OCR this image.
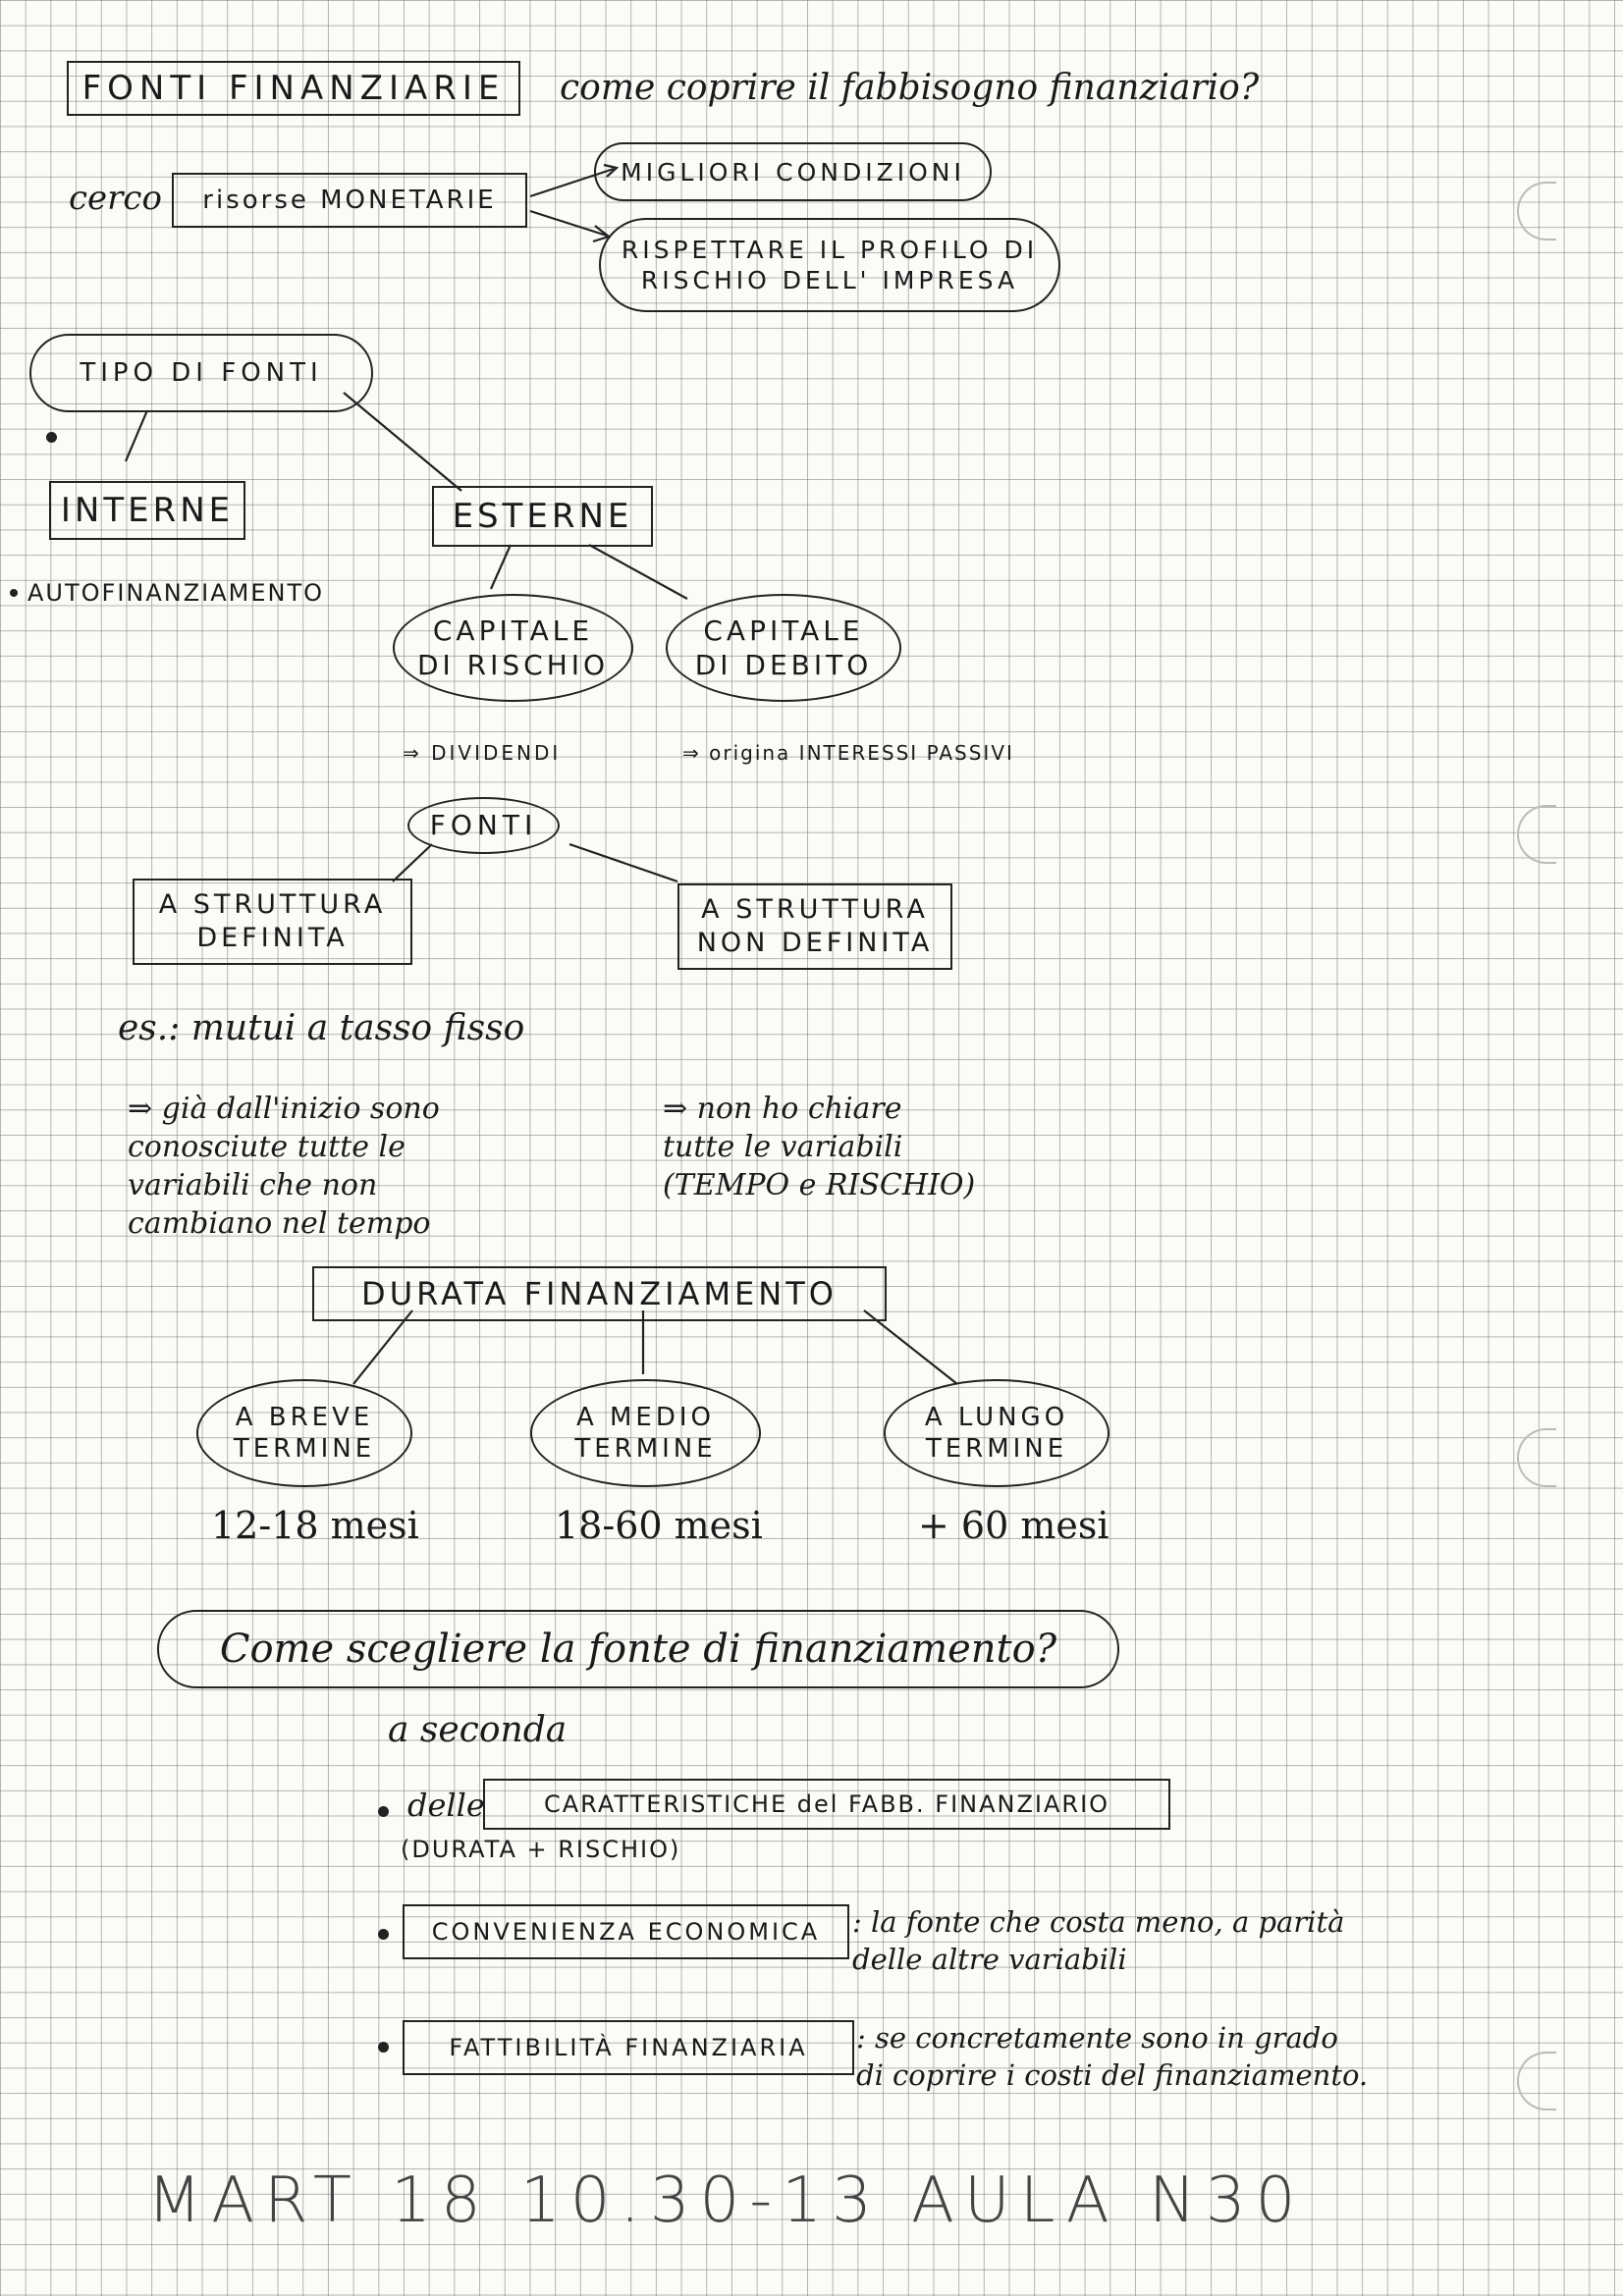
FONTI FINANZIARIE come coprire il fabbisogno finanziario?
cerco risorse MONETARIE
MIGLIORI CONDIZIONI
RISPETTARE IL PROFILO DI
RISCHIO DELL' IMPRESA
TIPO DI FONTI
INTERNE	ESTERNE
AUTOFINANZIAMENTO
CAPITALE
DI RISCHIO
CAPITALE
DI DEBITO
⇒ DIVIDENDI	⇒ origina INTERESSI PASSIVI
FONTI
A STRUTTURA
DEFINITA
A STRUTTURA
NON DEFINITA
es.: mutui a tasso fisso
⇒ già dall'inizio sono
conosciute tutte le
variabili che non
cambiano nel tempo
⇒ non ho chiare
tutte le variabili
(TEMPO e RISCHIO)
DURATA FINANZIAMENTO
A BREVE
TERMINE
A MEDIO
TERMINE
A LUNGO
TERMINE
12-18 mesi	18-60 mesi	+ 60 mesi
Come scegliere la fonte di finanziamento?
a seconda
delle	CARATTERISTICHE del FABB. FINANZIARIO
(DURATA + RISCHIO)
CONVENIENZA ECONOMICA : la fonte che costa meno, a parità
delle altre variabili
FATTIBILITÀ FINANZIARIA : se concretamente sono in grado
di coprire i costi del finanziamento.
MART 18 10.30-13 AULA N30
